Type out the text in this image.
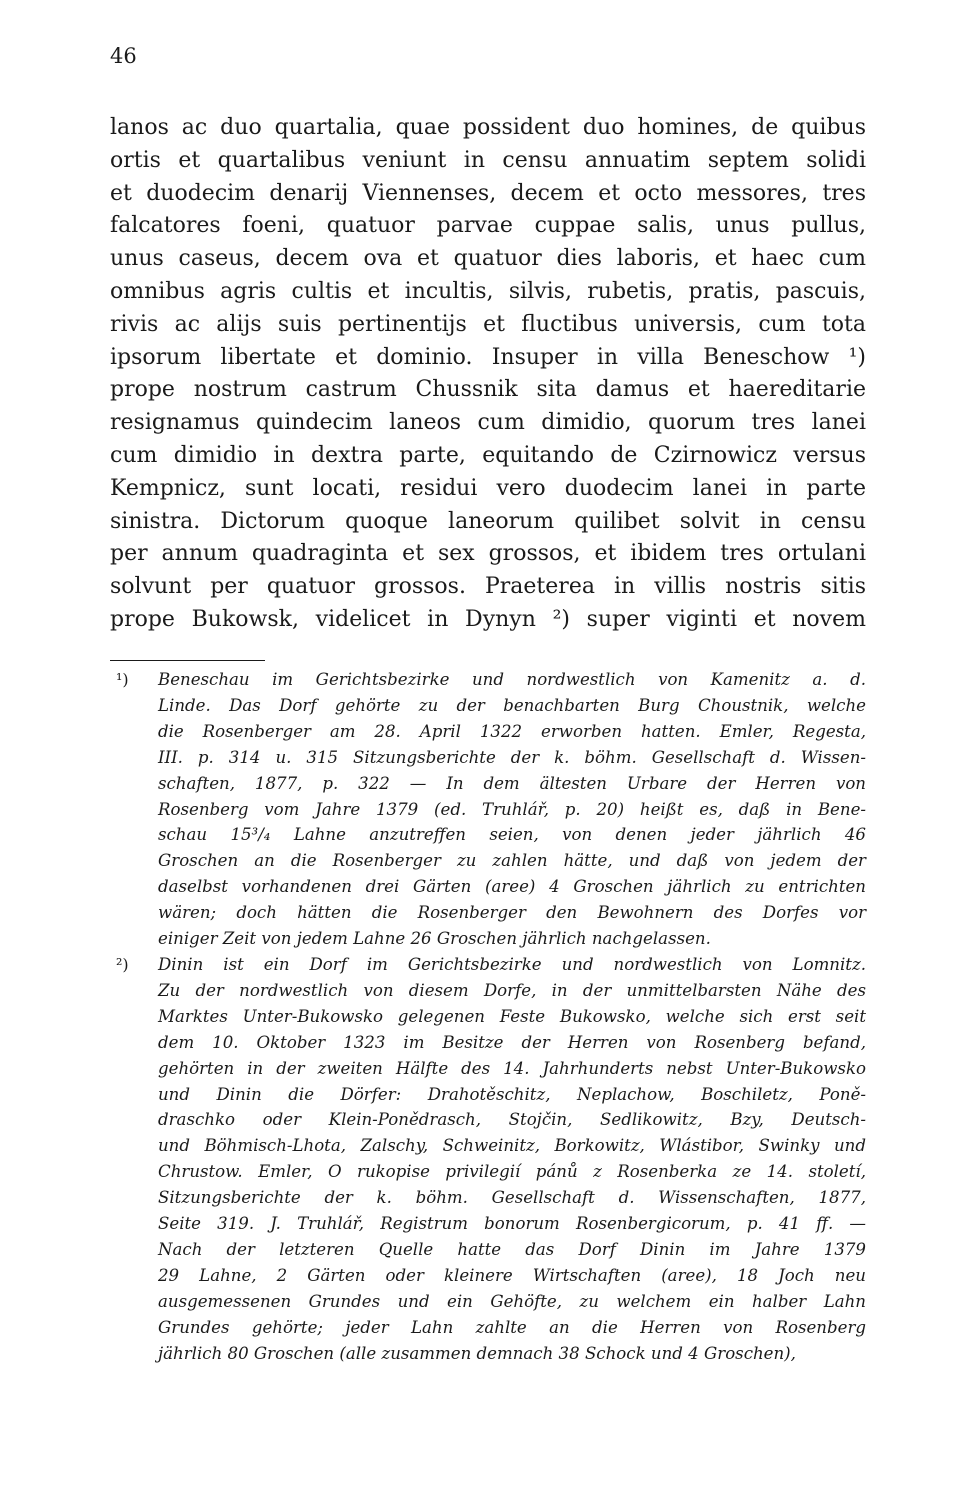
46
lanos ac duo quartalia, quae possident duo homines, de quibus
ortis et quartalibus veniunt in censu annuatim septem solidi
et duodecim denarij Viennenses, decem et octo messores, tres
falcatores foeni, quatuor parvae cuppae salis, unus pullus,
unus caseus, decem ova et quatuor dies laboris, et haec cum
omnibus agris cultis et incultis, silvis, rubetis, pratis, pascuis,
rivis ac alijs suis pertinentijs et fluctibus universis, cum tota
ipsorum libertate et dominio. Insuper in villa Beneschow ¹)
prope nostrum castrum Chussnik sita damus et haereditarie
resignamus quindecim laneos cum dimidio, quorum tres lanei
cum dimidio in dextra parte, equitando de Czirnowicz versus
Kempnicz, sunt locati, residui vero duodecim lanei in parte
sinistra. Dictorum quoque laneorum quilibet solvit in censu
per annum quadraginta et sex grossos, et ibidem tres ortulani
solvunt per quatuor grossos. Praeterea in villis nostris sitis
prope Bukowsk, videlicet in Dynyn ²) super viginti et novem
¹) Beneschau im Gerichtsbezirke und nordwestlich von Kamenitz a. d.
Linde. Das Dorf gehörte zu der benachbarten Burg Choustnik, welche
die Rosenberger am 28. April 1322 erworben hatten. Emler, Regesta,
III. p. 314 u. 315 Sitzungsberichte der k. böhm. Gesellschaft d. Wissen-
schaften, 1877, p. 322 — In dem ältesten Urbare der Herren von
Rosenberg vom Jahre 1379 (ed. Truhlář, p. 20) heißt es, daß in Bene-
schau 15³/₄ Lahne anzutreffen seien, von denen jeder jährlich 46
Groschen an die Rosenberger zu zahlen hätte, und daß von jedem der
daselbst vorhandenen drei Gärten (aree) 4 Groschen jährlich zu entrichten
wären; doch hätten die Rosenberger den Bewohnern des Dorfes vor
einiger Zeit von jedem Lahne 26 Groschen jährlich nachgelassen.
²) Dinin ist ein Dorf im Gerichtsbezirke und nordwestlich von Lomnitz.
Zu der nordwestlich von diesem Dorfe, in der unmittelbarsten Nähe des
Marktes Unter-Bukowsko gelegenen Feste Bukowsko, welche sich erst seit
dem 10. Oktober 1323 im Besitze der Herren von Rosenberg befand,
gehörten in der zweiten Hälfte des 14. Jahrhunderts nebst Unter-Bukowsko
und Dinin die Dörfer: Drahotěschitz, Neplachow, Boschiletz, Poně-
draschko oder Klein-Ponědrasch, Stojčin, Sedlikowitz, Bzy, Deutsch-
und Böhmisch-Lhota, Zalschy, Schweinitz, Borkowitz, Wlástibor, Swinky und
Chrustow. Emler, O rukopise privilegií pánů z Rosenberka ze 14. století,
Sitzungsberichte der k. böhm. Gesellschaft d. Wissenschaften, 1877,
Seite 319. J. Truhlář, Registrum bonorum Rosenbergicorum, p. 41 ff. —
Nach der letzteren Quelle hatte das Dorf Dinin im Jahre 1379
29 Lahne, 2 Gärten oder kleinere Wirtschaften (aree), 18 Joch neu
ausgemessenen Grundes und ein Gehöfte, zu welchem ein halber Lahn
Grundes gehörte; jeder Lahn zahlte an die Herren von Rosenberg
jährlich 80 Groschen (alle zusammen demnach 38 Schock und 4 Groschen),
